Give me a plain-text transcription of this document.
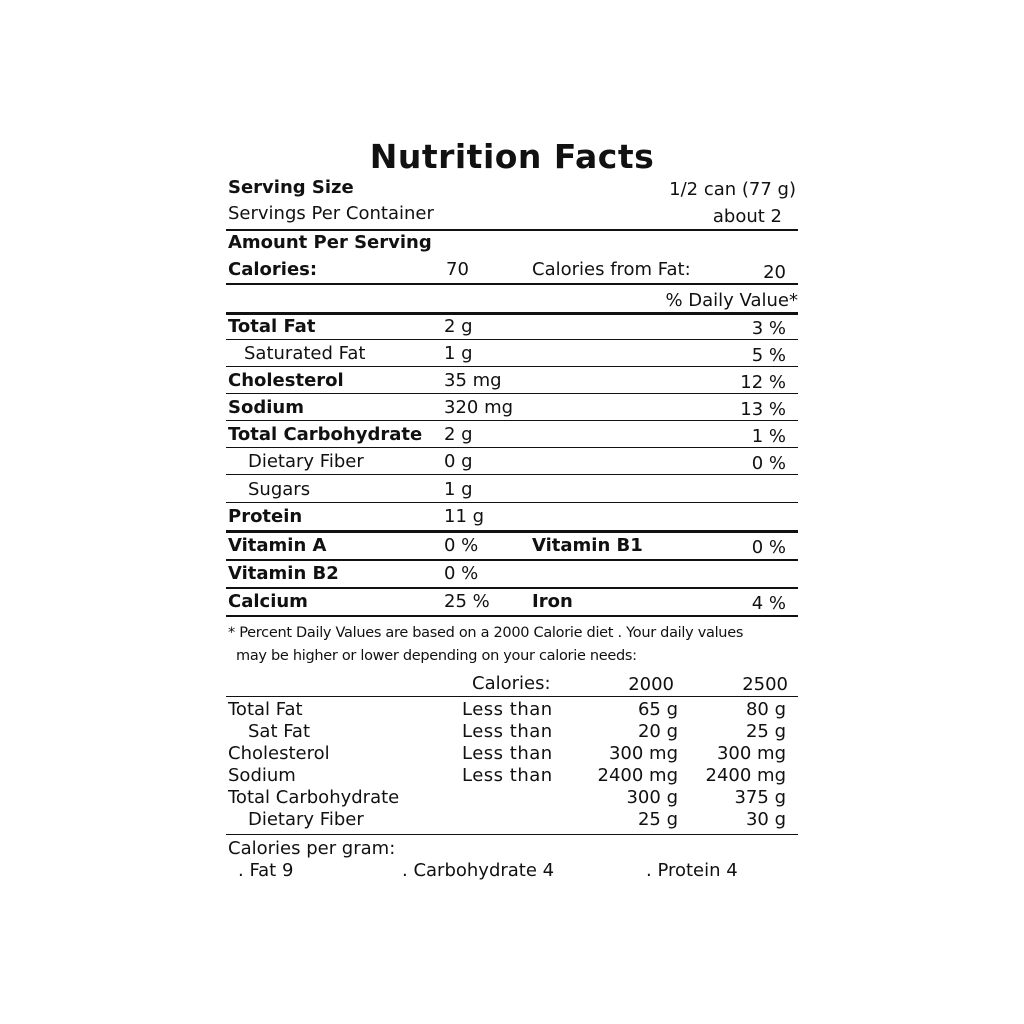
Nutrition Facts
Serving Size	1/2 can (77 g)
Servings Per Container	about 2
Amount Per Serving
Calories:	70	Calories from Fat:	20
% Daily Value*
Total Fat	2 g	3 %
Saturated Fat	1 g	5 %
Cholesterol	35 mg	12 %
Sodium	320 mg	13 %
Total Carbohydrate 2 g	1 %
Dietary Fiber	0 g	0 %
Sugars	1 g
Protein	11 g
Vitamin A	0 %	Vitamin B1	0 %
Vitamin B2	0 %
Calcium	25 % Iron	4 %
* Percent Daily Values are based on a 2000 Calorie diet . Your daily values
may be higher or lower depending on your calorie needs:
Calories:	2000	2500
Total Fat	Less than	65 g	80 g
Sat Fat	Less than	20 g	25 g
Cholesterol	Less than	300 mg 300 mg
Sodium	Less than 2400 mg 2400 mg
Total Carbohydrate	300 g	375 g
Dietary Fiber	25 g	30 g
Calories per gram:
. Fat 9	. Carbohydrate 4	. Protein 4
